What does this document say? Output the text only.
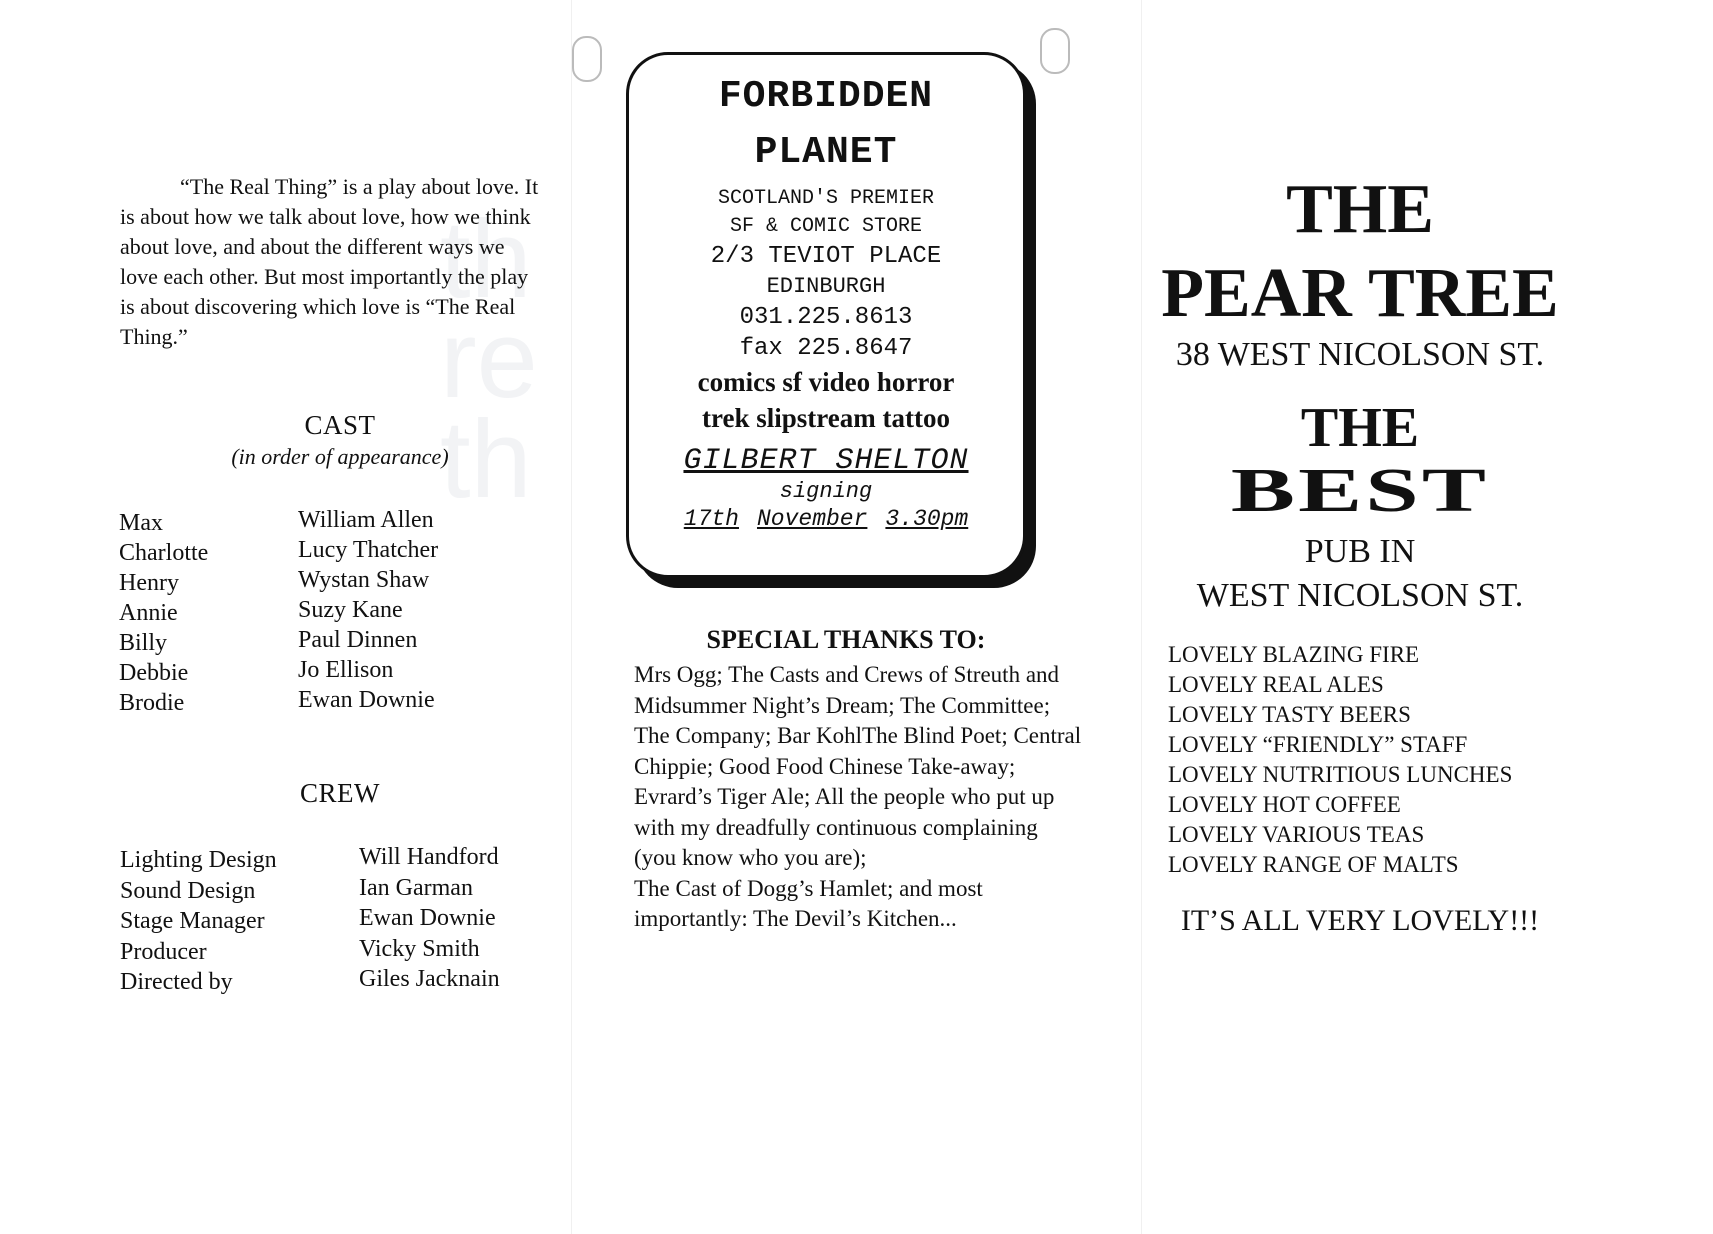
th
re
th

“The Real Thing” is a play about love. It is about how we talk about love, how we think about love, and about the different ways we love each other. But most importantly the play is about discovering which love is “The Real Thing.”

CAST

(in order of appearance)

Max
Charlotte
Henry
Annie
Billy
Debbie
Brodie
William Allen
Lucy Thatcher
Wystan Shaw
Suzy Kane
Paul Dinnen
Jo Ellison
Ewan Downie
CREW
Lighting Design
Sound Design
Stage Manager
Producer
Directed by
Will Handford
Ian Garman
Ewan Downie
Vicky Smith
Giles Jacknain
FORBIDDEN
PLANET
SCOTLAND'S PREMIER
SF & COMIC STORE
2/3 TEVIOT PLACE
EDINBURGH
031.225.8613
fax 225.8647
comics sf video horror
trek slipstream tattoo
GILBERT SHELTON
signing
17th November 3.30pm
SPECIAL THANKS TO:
Mrs Ogg; The Casts and Crews of Streuth and Midsummer Night’s Dream; The Committee; The Company; Bar KohlThe Blind Poet; Central Chippie; Good Food Chinese Take-away; Evrard’s Tiger Ale; All the people who put up with my dreadfully continuous complaining (you know who you are);
The Cast of Dogg’s Hamlet; and most importantly: The Devil’s Kitchen...
THE
PEAR TREE
38 WEST NICOLSON ST.
THE
BEST
PUB IN
WEST NICOLSON ST.
LOVELY BLAZING FIRE
LOVELY REAL ALES
LOVELY TASTY BEERS
LOVELY “FRIENDLY” STAFF
LOVELY NUTRITIOUS LUNCHES
LOVELY HOT COFFEE
LOVELY VARIOUS TEAS
LOVELY RANGE OF MALTS
IT’S ALL VERY LOVELY!!!
